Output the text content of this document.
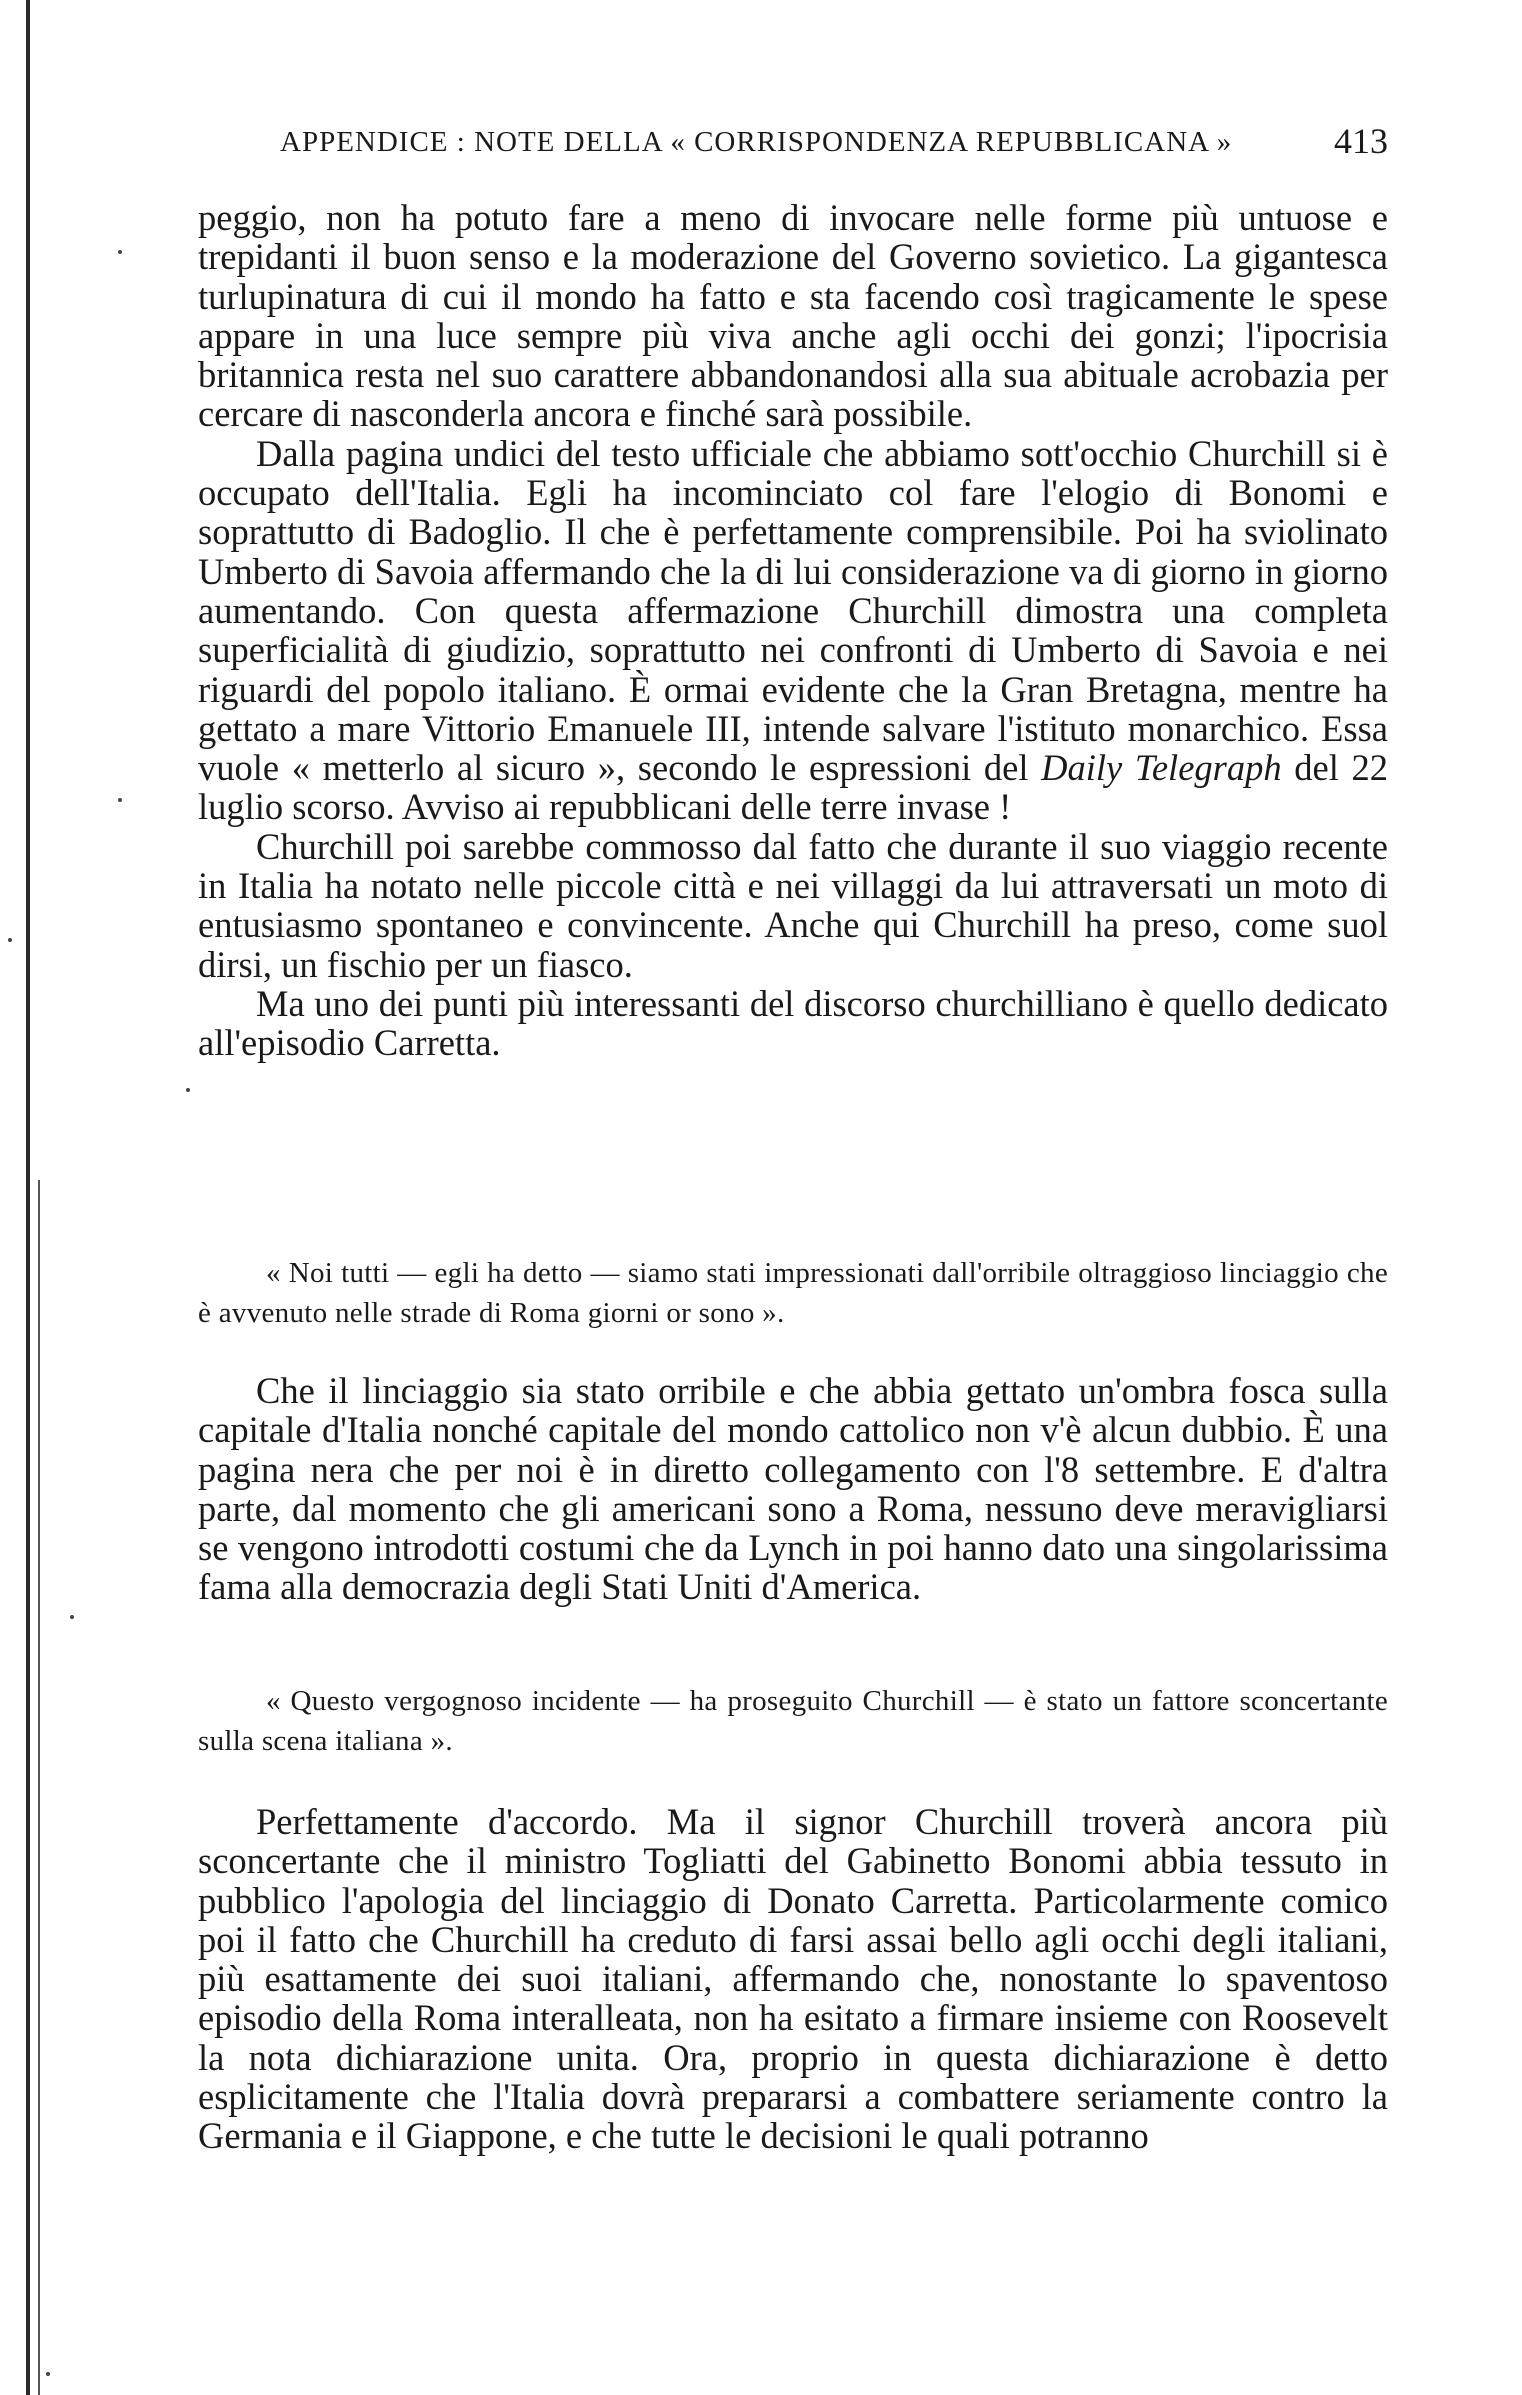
APPENDICE : NOTE DELLA « CORRISPONDENZA REPUBBLICANA »	413

peggio, non ha potuto fare a meno di invocare nelle forme più untuose e trepidanti il buon senso e la moderazione del Governo sovietico. La gigantesca turlupinatura di cui il mondo ha fatto e sta facendo così tragicamente le spese appare in una luce sempre più viva anche agli occhi dei gonzi; l'ipocrisia britannica resta nel suo carattere abbandonandosi alla sua abituale acrobazia per cercare di nasconderla ancora e finché sarà possibile.

Dalla pagina undici del testo ufficiale che abbiamo sott'occhio Churchill si è occupato dell'Italia. Egli ha incominciato col fare l'elogio di Bonomi e soprattutto di Badoglio. Il che è perfettamente comprensibile. Poi ha sviolinato Umberto di Savoia affermando che la di lui considerazione va di giorno in giorno aumentando. Con questa affermazione Churchill dimostra una completa superficialità di giudizio, soprattutto nei confronti di Umberto di Savoia e nei riguardi del popolo italiano. È ormai evidente che la Gran Bretagna, mentre ha gettato a mare Vittorio Emanuele III, intende salvare l'istituto monarchico. Essa vuole « metterlo al sicuro », secondo le espressioni del Daily Telegraph del 22 luglio scorso. Avviso ai repubblicani delle terre invase !

Churchill poi sarebbe commosso dal fatto che durante il suo viaggio recente in Italia ha notato nelle piccole città e nei villaggi da lui attraversati un moto di entusiasmo spontaneo e convincente. Anche qui Churchill ha preso, come suol dirsi, un fischio per un fiasco.

Ma uno dei punti più interessanti del discorso churchilliano è quello dedicato all'episodio Carretta.

« Noi tutti — egli ha detto — siamo stati impressionati dall'orribile oltraggioso linciaggio che è avvenuto nelle strade di Roma giorni or sono ».

Che il linciaggio sia stato orribile e che abbia gettato un'ombra fosca sulla capitale d'Italia nonché capitale del mondo cattolico non v'è alcun dubbio. È una pagina nera che per noi è in diretto collegamento con l'8 settembre. E d'altra parte, dal momento che gli americani sono a Roma, nessuno deve meravigliarsi se vengono introdotti costumi che da Lynch in poi hanno dato una singolarissima fama alla democrazia degli Stati Uniti d'America.

« Questo vergognoso incidente — ha proseguito Churchill — è stato un fattore sconcertante sulla scena italiana ».

Perfettamente d'accordo. Ma il signor Churchill troverà ancora più sconcertante che il ministro Togliatti del Gabinetto Bonomi abbia tessuto in pubblico l'apologia del linciaggio di Donato Carretta. Particolarmente comico poi il fatto che Churchill ha creduto di farsi assai bello agli occhi degli italiani, più esattamente dei suoi italiani, affermando che, nonostante lo spaventoso episodio della Roma interalleata, non ha esitato a firmare insieme con Roosevelt la nota dichiarazione unita. Ora, proprio in questa dichiarazione è detto esplicitamente che l'Italia dovrà prepararsi a combattere seriamente contro la Germania e il Giappone, e che tutte le decisioni le quali potranno
